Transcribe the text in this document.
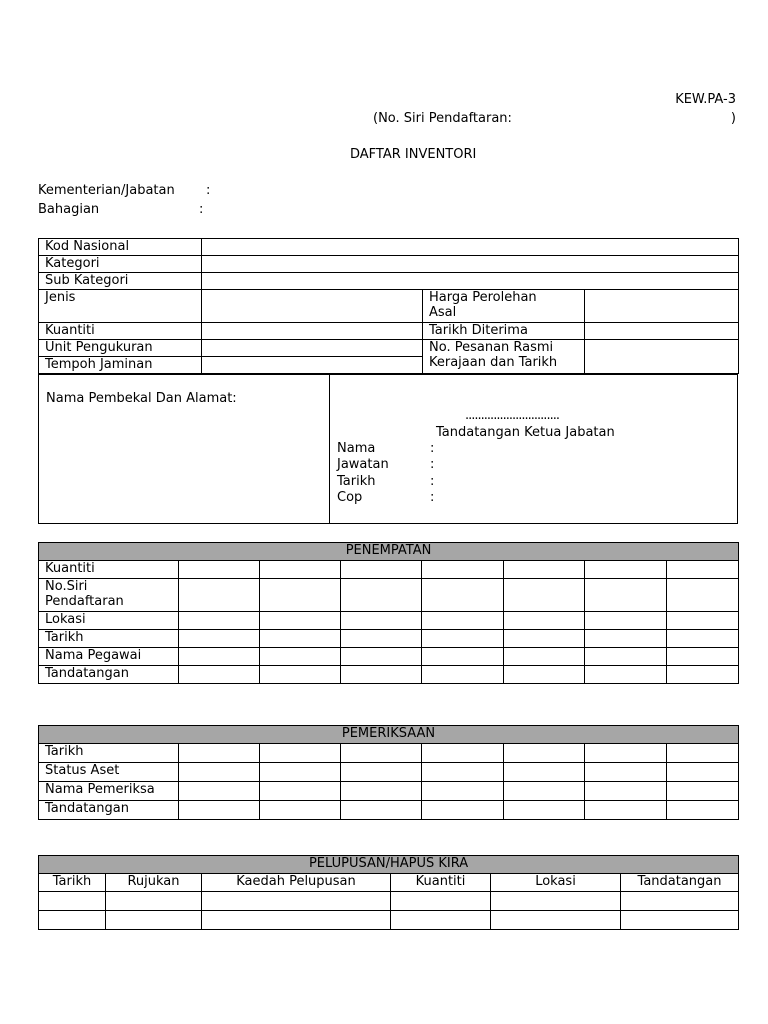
KEW.PA-3
(No. Siri Pendaftaran:	)
DAFTAR INVENTORI
Kementerian/Jabatan :
Bahagian	:
Kod Nasional			
Kategori			
Sub Kategori			
Jenis		Harga Perolehan
Asal	
Kuantiti		Tarikh Diterima	
Unit Pengukuran		No. Pesanan Rasmi
Kerajaan dan Tarikh	
Tempoh Jaminan			
Nama Pembekal Dan Alamat:
..............................
Tandatangan Ketua Jabatan
Nama	:
Jawatan	:
Tarikh	:
Cop	:
PENEMPATAN							
Kuantiti							
No.Siri
Pendaftaran							
Lokasi							
Tarikh							
Nama Pegawai							
Tandatangan							
PEMERIKSAAN							
Tarikh							
Status Aset							
Nama Pemeriksa							
Tandatangan							
PELUPUSAN/HAPUS KIRA					
Tarikh	Rujukan	Kaedah Pelupusan	Kuantiti	Lokasi	Tandatangan
